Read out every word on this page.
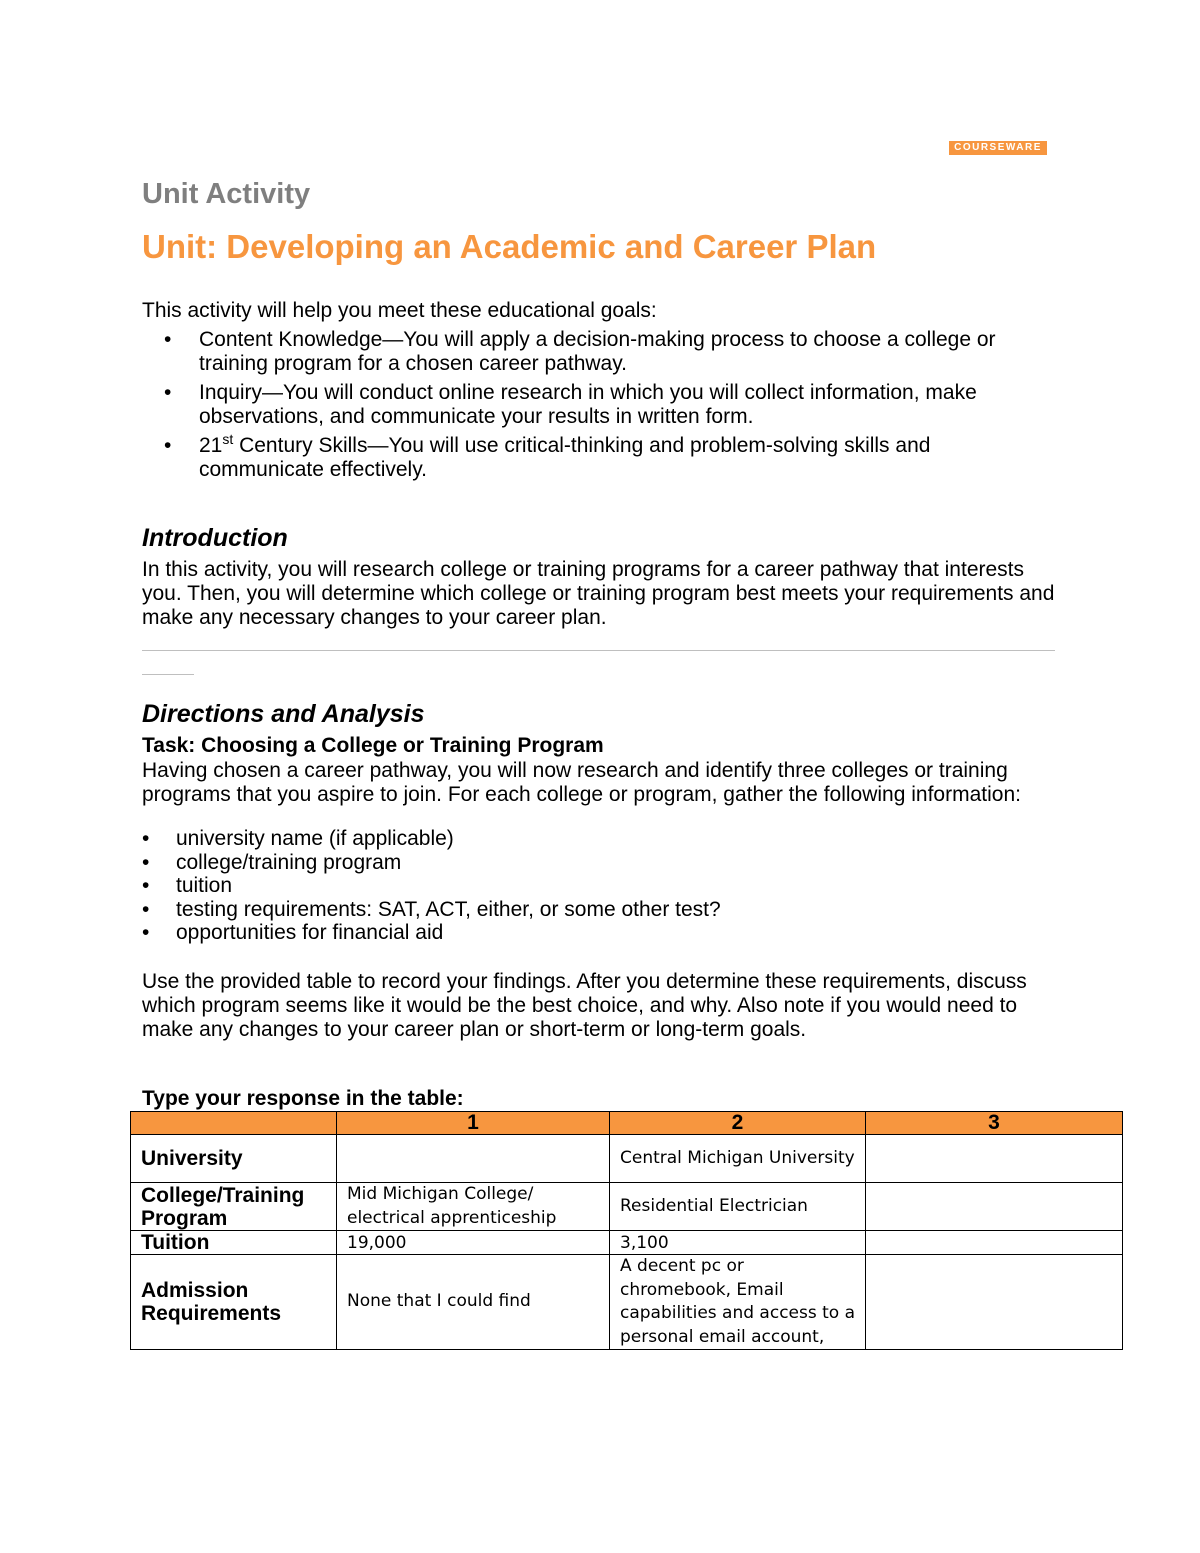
COURSEWARE
Unit Activity
Unit: Developing an Academic and Career Plan

This activity will help you meet these educational goals:

• Content Knowledge—You will apply a decision-making process to choose a college or training program for a chosen career pathway.
• Inquiry—You will conduct online research in which you will collect information, make observations, and communicate your results in written form.
• 21st Century Skills—You will use critical-thinking and problem-solving skills and communicate effectively.
Introduction

In this activity, you will research college or training programs for a career pathway that interests you. Then, you will determine which college or training program best meets your requirements and make any necessary changes to your career plan.

Directions and Analysis
Task: Choosing a College or Training Program

Having chosen a career pathway, you will now research and identify three colleges or training programs that you aspire to join. For each college or program, gather the following information:

• university name (if applicable)
• college/training program
• tuition
• testing requirements: SAT, ACT, either, or some other test?
• opportunities for financial aid

Use the provided table to record your findings. After you determine these requirements, discuss which program seems like it would be the best choice, and why. Also note if you would need to make any changes to your career plan or short-term or long-term goals.

Type your response in the table:
	1	2	3
University		Central Michigan University	
College/Training Program	Mid Michigan College/ electrical apprenticeship	Residential Electrician	
Tuition	19,000	3,100	
Admission Requirements	None that I could find	A decent pc or chromebook, Email capabilities and access to a personal email account,	
